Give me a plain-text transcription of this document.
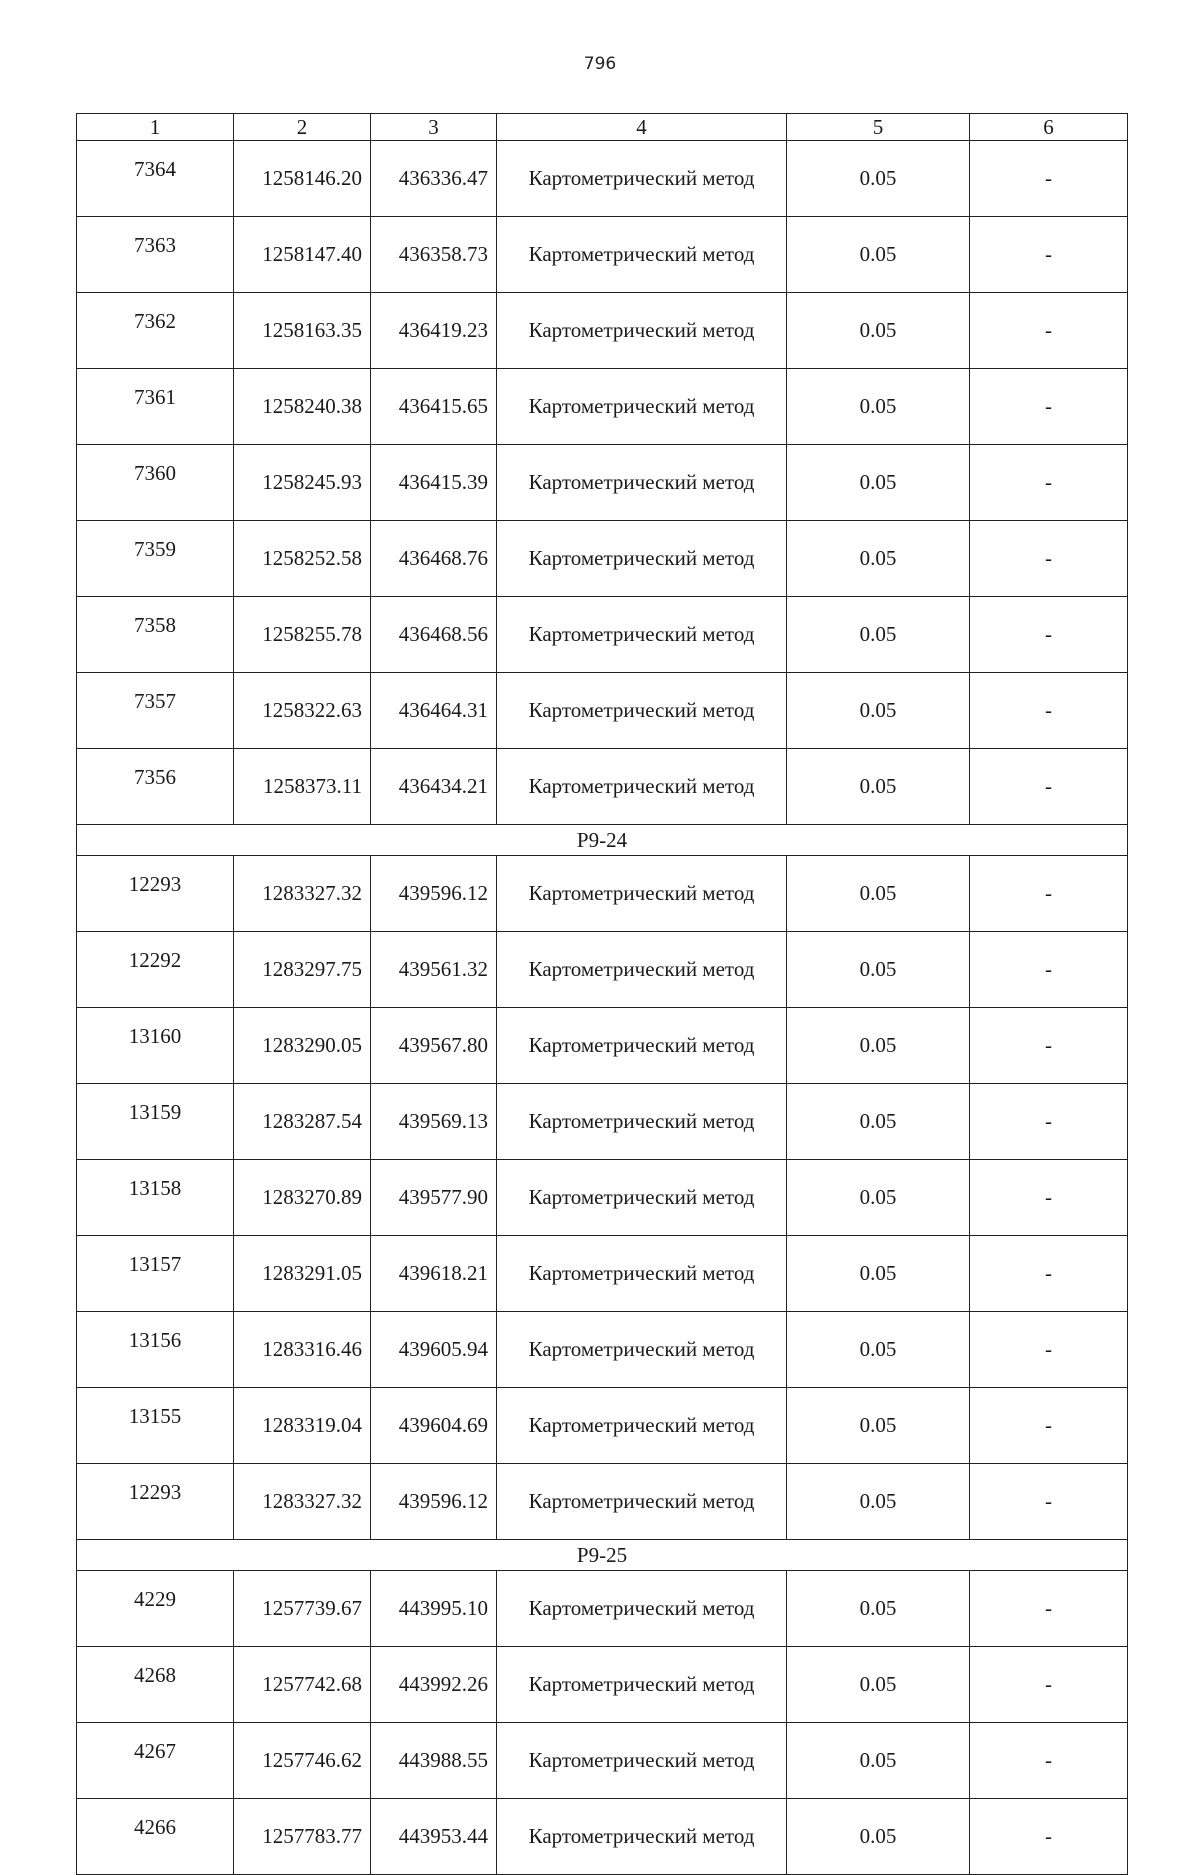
796
1	2	3	4	5	6
7364	1258146.20	436336.47	Картометрический метод	0.05	-
7363	1258147.40	436358.73	Картометрический метод	0.05	-
7362	1258163.35	436419.23	Картометрический метод	0.05	-
7361	1258240.38	436415.65	Картометрический метод	0.05	-
7360	1258245.93	436415.39	Картометрический метод	0.05	-
7359	1258252.58	436468.76	Картометрический метод	0.05	-
7358	1258255.78	436468.56	Картометрический метод	0.05	-
7357	1258322.63	436464.31	Картометрический метод	0.05	-
7356	1258373.11	436434.21	Картометрический метод	0.05	-
Р9-24					
12293	1283327.32	439596.12	Картометрический метод	0.05	-
12292	1283297.75	439561.32	Картометрический метод	0.05	-
13160	1283290.05	439567.80	Картометрический метод	0.05	-
13159	1283287.54	439569.13	Картометрический метод	0.05	-
13158	1283270.89	439577.90	Картометрический метод	0.05	-
13157	1283291.05	439618.21	Картометрический метод	0.05	-
13156	1283316.46	439605.94	Картометрический метод	0.05	-
13155	1283319.04	439604.69	Картометрический метод	0.05	-
12293	1283327.32	439596.12	Картометрический метод	0.05	-
Р9-25					
4229	1257739.67	443995.10	Картометрический метод	0.05	-
4268	1257742.68	443992.26	Картометрический метод	0.05	-
4267	1257746.62	443988.55	Картометрический метод	0.05	-
4266	1257783.77	443953.44	Картометрический метод	0.05	-
